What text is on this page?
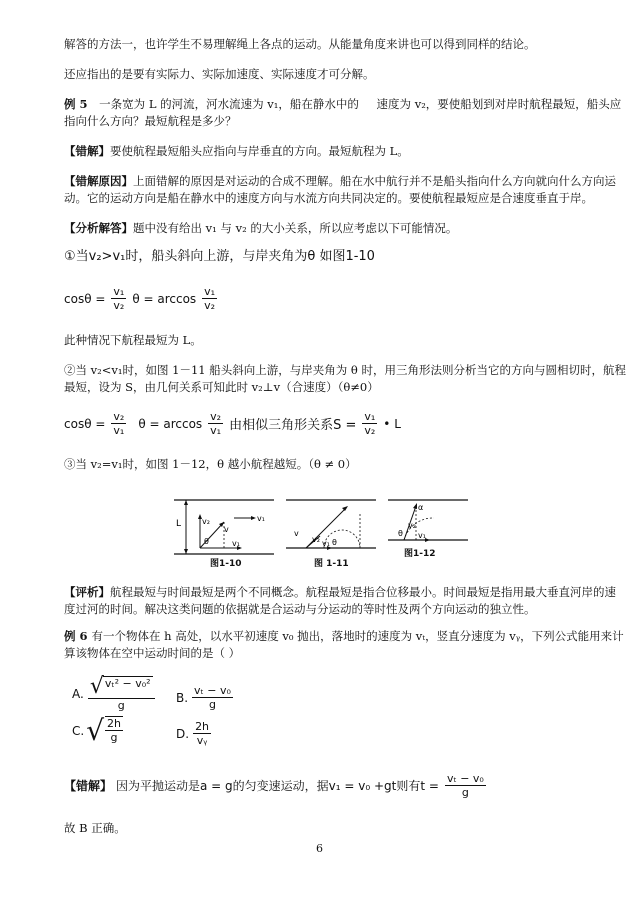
解答的方法一，也许学生不易理解绳上各点的运动。从能量角度来讲也可以得到同样的结论。
还应指出的是要有实际力、实际加速度、实际速度才可分解。
例 5 一条宽为 L 的河流，河水流速为 v₁，船在静水中的 速度为 v₂，要使船划到对岸时航程最短，船头应
指向什么方向？最短航程是多少？
【错解】要使航程最短船头应指向与岸垂直的方向。最短航程为 L。
【错解原因】上面错解的原因是对运动的合成不理解。船在水中航行并不是船头指向什么方向就向什么方向运
动。它的运动方向是船在静水中的速度方向与水流方向共同决定的。要使航程最短应是合速度垂直于岸。
【分析解答】题中没有给出 v₁ 与 v₂ 的大小关系，所以应考虑以下可能情况。
①当v₂>v₁时，船头斜向上游，与岸夹角为θ 如图1-10
$\cos\theta = \frac{\text{v₁}}{\text{v₂}}$ $\theta = \arccos \frac{\text{v₁}}{\text{v₂}}$
此种情况下航程最短为 L。
②当 v₂<v₁时，如图 1－11 船头斜向上游，与岸夹角为 θ 时，用三角形法则分析当它的方向与圆相切时，航程
最短，设为 S，由几何关系可知此时 v₂⊥v（合速度）（θ≠0）
$\cos\theta = \frac{\text{v₂}}{\text{v₁}}$ $\theta = \arccos \frac{\text{v₂}}{\text{v₁}}$ 由相似三角形关系$S = \frac{\text{v₁}}{\text{v₂}}$ • L
③当 v₂=v₁时，如图 1－12，θ 越小航程越短。（θ ≠ 0）
L	v₂
v
v₁
θ	v₁
图1-10
v
v₂ v₁ θ
图 1-11
α
v₂
θ v₁
图1-12
【评析】航程最短与时间最短是两个不同概念。航程最短是指合位移最小。时间最短是指用最大垂直河岸的速
度过河的时间。解决这类问题的依据就是合运动与分运动的等时性及两个方向运动的独立性。
例 6 有一个物体在 h 高处，以水平初速度 v₀ 抛出，落地时的速度为 vₜ，竖直分速度为 vᵧ，下列公式能用来计
算该物体在空中运动时间的是（ ）
A. $\frac{\text{√ vₜ² − v₀²}}{g} B$. $\frac{\text{vₜ − v₀}}{g}$
C. √ $\frac{2h}{g}$	D. $\frac{2h}{\text{vᵧ}}$
【错解】 因为平抛运动是a = g的匀变速运动，据v₁ = v₀ +gt则有$t = \frac{\text{vₜ − v₀}}{g}$
故 B 正确。
6
